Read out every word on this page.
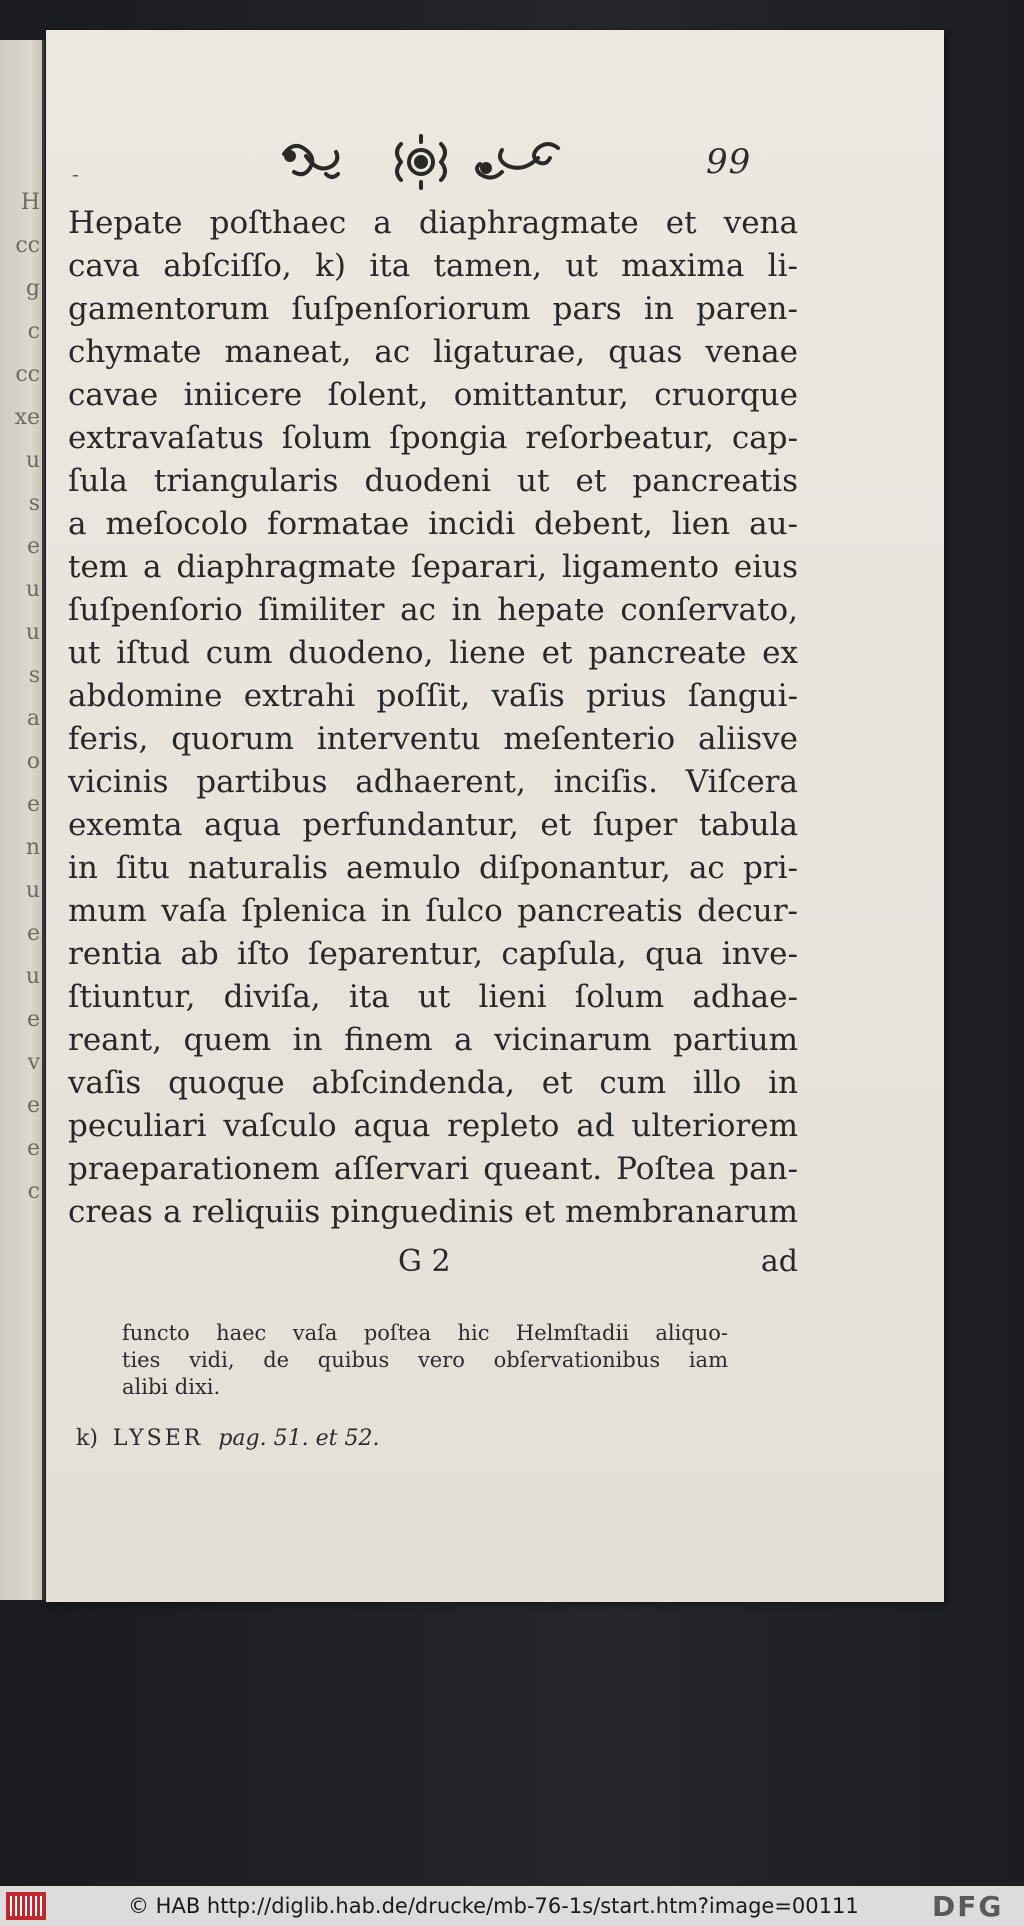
H
cc
g
c
cc
xe
u
s
e
u
u
s
a
o
e
n
u
e
u
e
v
e
e
c
-	99
Hepate poſthaec a diaphragmate et vena
cava abſciſſo, k) ita tamen, ut maxima li-
gamentorum ſuſpenſoriorum pars in paren-
chymate maneat, ac ligaturae, quas venae
cavae iniicere ſolent, omittantur, cruorque
extravaſatus ſolum ſpongia reſorbeatur, cap-
ſula triangularis duodeni ut et pancreatis
a meſocolo formatae incidi debent, lien au-
tem a diaphragmate ſeparari, ligamento eius
ſuſpenſorio ſimiliter ac in hepate conſervato,
ut iſtud cum duodeno, liene et pancreate ex
abdomine extrahi poſſit, vaſis prius ſangui-
feris, quorum interventu meſenterio aliisve
vicinis partibus adhaerent, inciſis. Viſcera
exemta aqua perfundantur, et ſuper tabula
in ſitu naturalis aemulo diſponantur, ac pri-
mum vaſa ſplenica in ſulco pancreatis decur-
rentia ab iſto ſeparentur, capſula, qua inve-
ſtiuntur, diviſa, ita ut lieni ſolum adhae-
reant, quem in finem a vicinarum partium
vaſis quoque abſcindenda, et cum illo in
peculiari vaſculo aqua repleto ad ulteriorem
praeparationem aſſervari queant. Poſtea pan-
creas a reliquiis pinguedinis et membranarum
G 2	ad
functo haec vaſa poſtea hic Helmſtadii aliquo-
ties vidi, de quibus vero obſervationibus iam
alibi dixi.
k) LYSER pag. 51. et 52.
© HAB http://diglib.hab.de/drucke/mb-76-1s/start.htm?image=00111	DFG
